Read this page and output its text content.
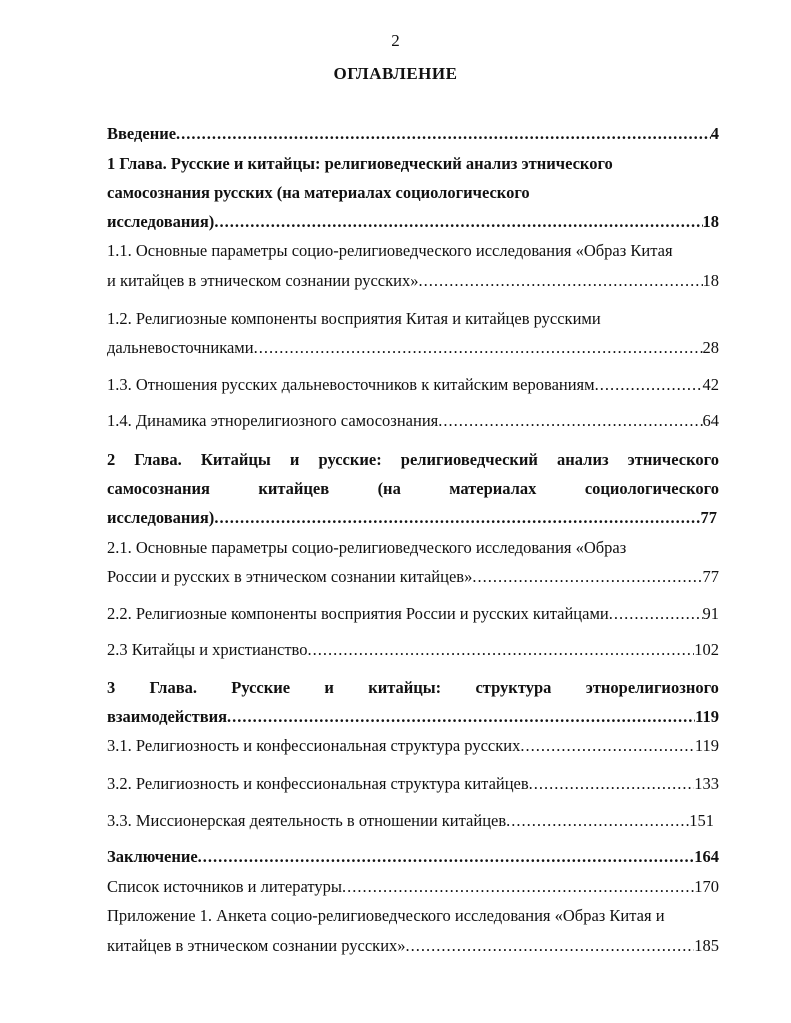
2
ОГЛАВЛЕНИЕ
Введение .....	4
1 Глава. Русские и китайцы: религиоведческий анализ этнического
самосознания русских (на материалах социологического
исследования) .....	18
1.1. Основные параметры социо-религиоведческого исследования «Образ Китая
и китайцев в этническом сознании русских» .....	18
1.2. Религиозные компоненты восприятия Китая и китайцев русскими
дальневосточниками .....	28
1.3. Отношения русских дальневосточников к китайским верованиям .....	42
1.4. Динамика этнорелигиозного самосознания .....	64
2 Глава. Китайцы и русские: религиоведческий анализ этнического
самосознания	китайцев	(на	материалах	социологического
исследования) .....	77
2.1. Основные параметры социо-религиоведческого исследования «Образ
России и русских в этническом сознании китайцев» .....	77
2.2. Религиозные компоненты восприятия России и русских китайцами .....	91
2.3 Китайцы и христианство .....	102
3 Глава. Русские и китайцы: структура этнорелигиозного
взаимодействия .....	119
3.1. Религиозность и конфессиональная структура русских .....	119
3.2. Религиозность и конфессиональная структура китайцев .....	133
3.3. Миссионерская деятельность в отношении китайцев .....	151
Заключение .....	164
Список источников и литературы .....	170
Приложение 1. Анкета социо-религиоведческого исследования «Образ Китая и
китайцев в этническом сознании русских» .....	185
